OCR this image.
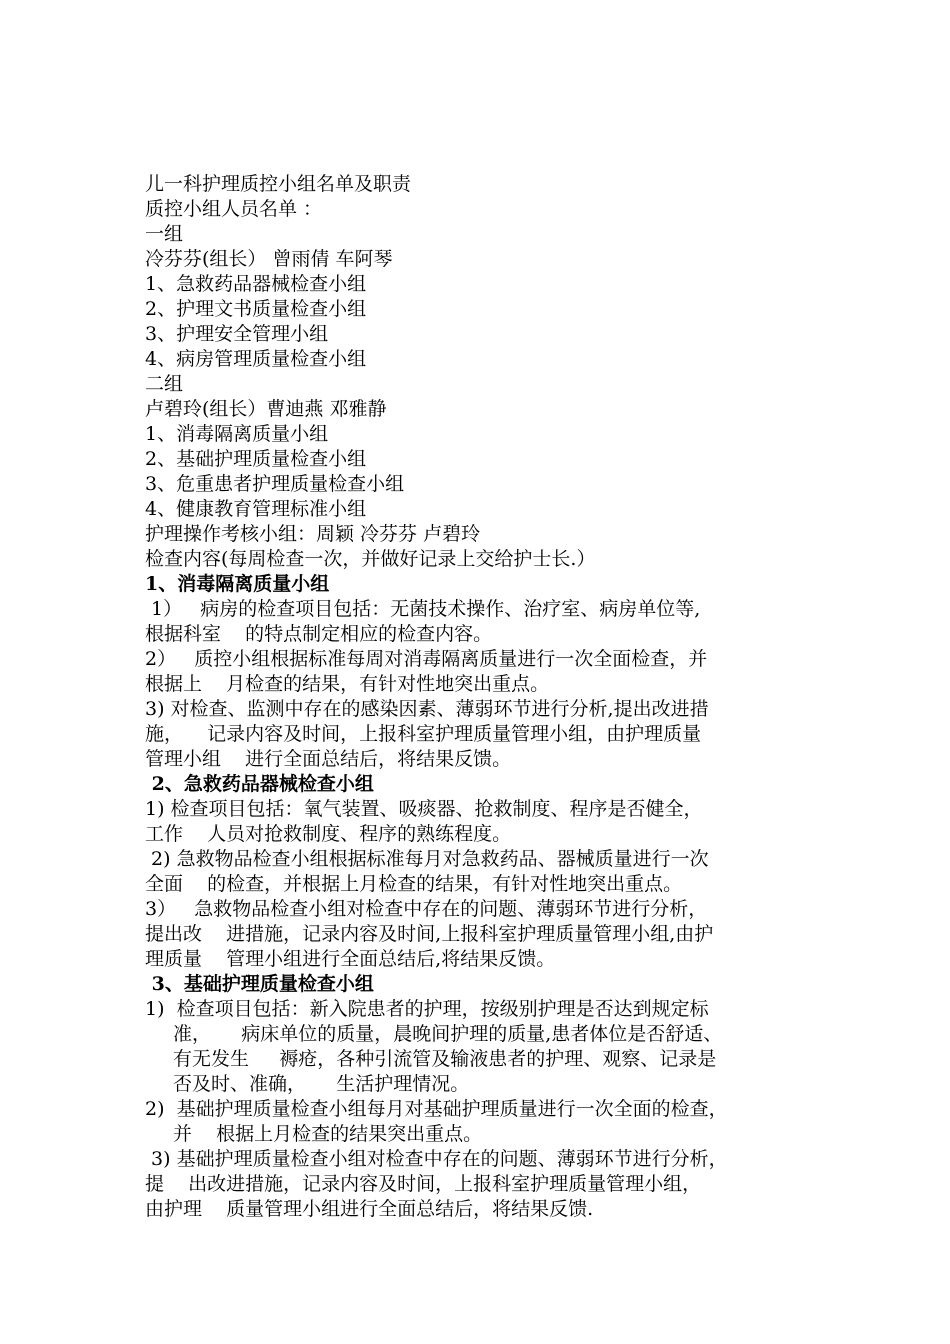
儿一科护理质控小组名单及职责
质控小组人员名单 ：
一组
冷芬芬(组长） 曾雨倩 车阿琴
1、急救药品器械检查小组
2、护理文书质量检查小组
3、护理安全管理小组
4、病房管理质量检查小组
二组
卢碧玲(组长）曹迪燕 邓雅静
1、消毒隔离质量小组
2、基础护理质量检查小组
3、危重患者护理质量检查小组
4、健康教育管理标准小组
护理操作考核小组：周颖 冷芬芬 卢碧玲
检查内容(每周检查一次，并做好记录上交给护士长.）
1、消毒隔离质量小组
1）   病房的检查项目包括：无菌技术操作、治疗室、病房单位等,
根据科室    的特点制定相应的检查内容。
2）   质控小组根据标准每周对消毒隔离质量进行一次全面检查，并
根据上    月检查的结果，有针对性地突出重点。
3) 对检查、监测中存在的感染因素、薄弱环节进行分析,提出改进措
施，    记录内容及时间，上报科室护理质量管理小组，由护理质量
管理小组    进行全面总结后，将结果反馈。
2、急救药品器械检查小组
1) 检查项目包括：氧气装置、吸痰器、抢救制度、程序是否健全，
工作    人员对抢救制度、程序的熟练程度。
2) 急救物品检查小组根据标准每月对急救药品、器械质量进行一次
全面    的检查，并根据上月检查的结果，有针对性地突出重点。
3）   急救物品检查小组对检查中存在的问题、薄弱环节进行分析，
提出改    进措施，记录内容及时间,上报科室护理质量管理小组,由护
理质量    管理小组进行全面总结后,将结果反馈。
3、基础护理质量检查小组
1)  检查项目包括：新入院患者的护理，按级别护理是否达到规定标
准，     病床单位的质量，晨晚间护理的质量,患者体位是否舒适、
有无发生     褥疮，各种引流管及输液患者的护理、观察、记录是
否及时、准确，     生活护理情况。
2)  基础护理质量检查小组每月对基础护理质量进行一次全面的检查，
并    根据上月检查的结果突出重点。
3) 基础护理质量检查小组对检查中存在的问题、薄弱环节进行分析，
提    出改进措施，记录内容及时间，上报科室护理质量管理小组，
由护理    质量管理小组进行全面总结后，将结果反馈.
